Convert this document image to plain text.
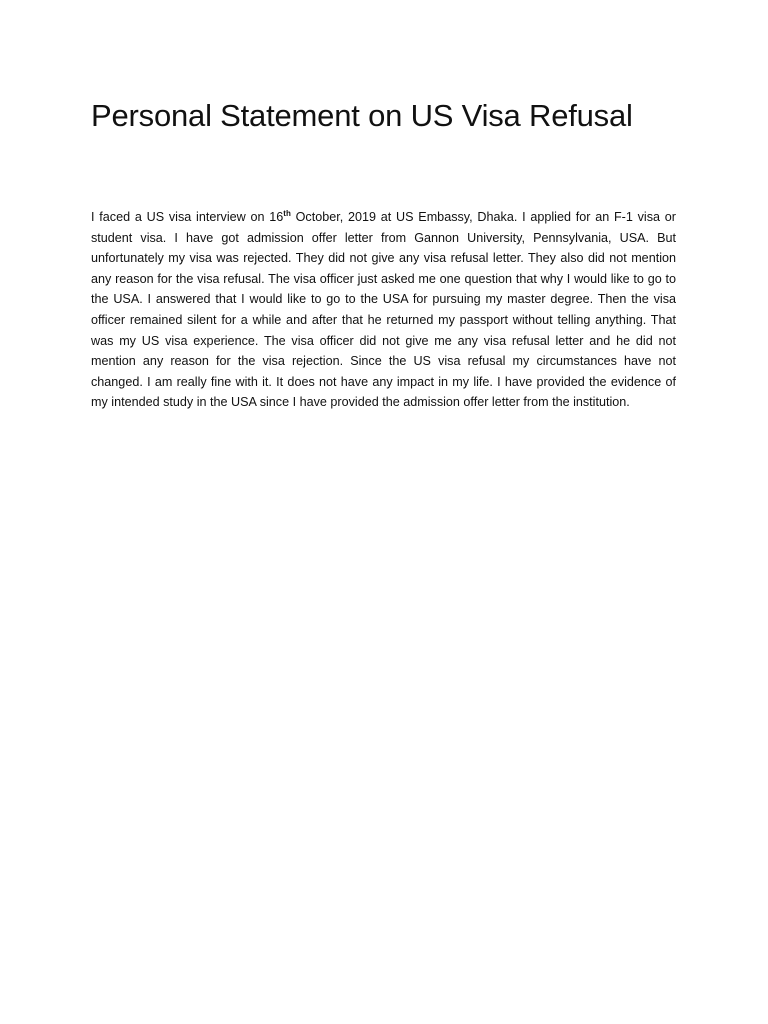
Personal Statement on US Visa Refusal

I faced a US visa interview on 16th October, 2019 at US Embassy, Dhaka. I applied for an F-1 visa or student visa. I have got admission offer letter from Gannon University, Pennsylvania, USA. But unfortunately my visa was rejected. They did not give any visa refusal letter. They also did not mention any reason for the visa refusal. The visa officer just asked me one question that why I would like to go to the USA. I answered that I would like to go to the USA for pursuing my master degree. Then the visa officer remained silent for a while and after that he returned my passport without telling anything. That was my US visa experience. The visa officer did not give me any visa refusal letter and he did not mention any reason for the visa rejection. Since the US visa refusal my circumstances have not changed. I am really fine with it. It does not have any impact in my life. I have provided the evidence of my intended study in the USA since I have provided the admission offer letter from the institution.
